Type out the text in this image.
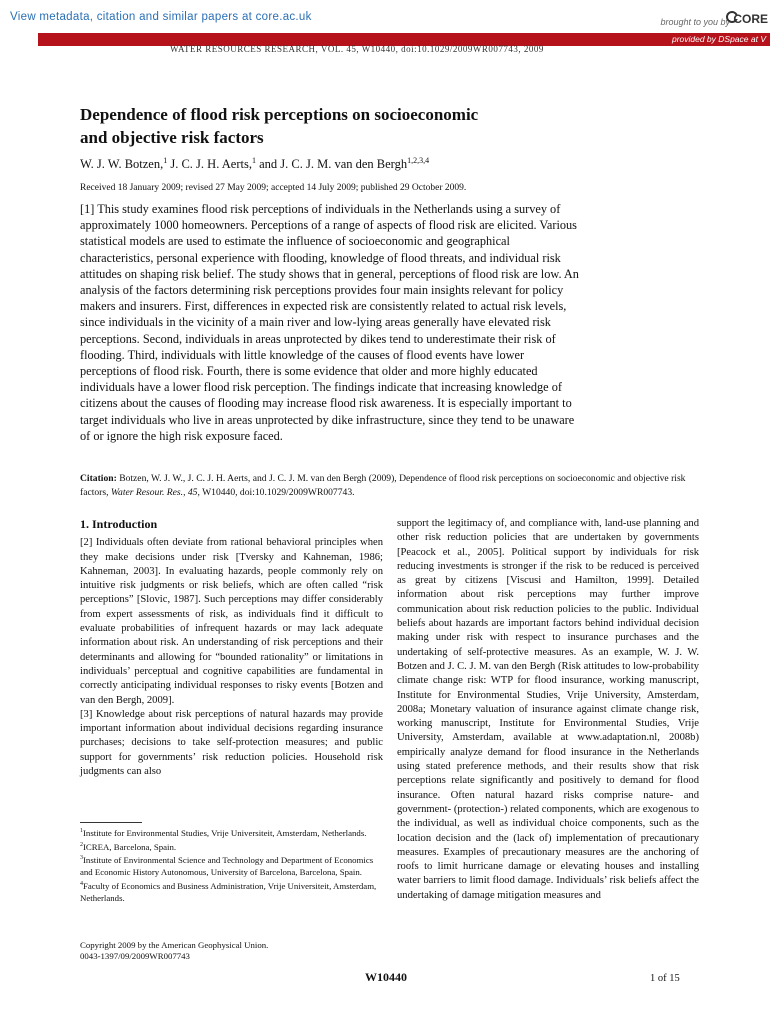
View metadata, citation and similar papers at core.ac.uk	brought to you by CORE
provided by DSpace at V
WATER RESOURCES RESEARCH, VOL. 45, W10440, doi:10.1029/2009WR007743, 2009
Dependence of flood risk perceptions on socioeconomic
and objective risk factors
W. J. W. Botzen,$^1$ J. C. J. H. Aerts,$^1$ and J. C. J. M. van den Bergh$^{1,2,3,4}$
Received 18 January 2009; revised 27 May 2009; accepted 14 July 2009; published 29 October 2009.
[1] This study examines flood risk perceptions of individuals in the Netherlands using a survey of approximately 1000 homeowners. Perceptions of a range of aspects of flood risk are elicited. Various statistical models are used to estimate the influence of socioeconomic and geographical characteristics, personal experience with flooding, knowledge of flood threats, and individual risk attitudes on shaping risk belief. The study shows that in general, perceptions of flood risk are low. An analysis of the factors determining risk perceptions provides four main insights relevant for policy makers and insurers. First, differences in expected risk are consistently related to actual risk levels, since individuals in the vicinity of a main river and low-lying areas generally have elevated risk perceptions. Second, individuals in areas unprotected by dikes tend to underestimate their risk of flooding. Third, individuals with little knowledge of the causes of flood events have lower perceptions of flood risk. Fourth, there is some evidence that older and more highly educated individuals have a lower flood risk perception. The findings indicate that increasing knowledge of citizens about the causes of flooding may increase flood risk awareness. It is especially important to target individuals who live in areas unprotected by dike infrastructure, since they tend to be unaware of or ignore the high risk exposure faced.
Citation: Botzen, W. J. W., J. C. J. H. Aerts, and J. C. J. M. van den Bergh (2009), Dependence of flood risk perceptions on socioeconomic and objective risk factors, Water Resour. Res., 45, W10440, doi:10.1029/2009WR007743.
1. Introduction

[2] Individuals often deviate from rational behavioral principles when they make decisions under risk [Tversky and Kahneman, 1986; Kahneman, 2003]. In evaluating hazards, people commonly rely on intuitive risk judgments or risk beliefs, which are often called “risk perceptions” [Slovic, 1987]. Such perceptions may differ considerably from expert assessments of risk, as individuals find it difficult to evaluate probabilities of infrequent hazards or may lack adequate information about risk. An understanding of risk perceptions and their determinants and allowing for “bounded rationality” or limitations in individuals’ perceptual and cognitive capabilities are fundamental in correctly anticipating individual responses to risky events [Botzen and van den Bergh, 2009].

[3] Knowledge about risk perceptions of natural hazards may provide important information about individual decisions regarding insurance purchases; decisions to take self-protection measures; and public support for governments’ risk reduction policies. Household risk judgments can also

support the legitimacy of, and compliance with, land-use planning and other risk reduction policies that are undertaken by governments [Peacock et al., 2005]. Political support by individuals for risk reducing investments is stronger if the risk to be reduced is perceived as great by citizens [Viscusi and Hamilton, 1999]. Detailed information about risk perceptions may further improve communication about risk reduction policies to the public. Individual beliefs about hazards are important factors behind individual decision making under risk with respect to insurance purchases and the undertaking of self-protective measures. As an example, W. J. W. Botzen and J. C. J. M. van den Bergh (Risk attitudes to low-probability climate change risk: WTP for flood insurance, working manuscript, Institute for Environmental Studies, Vrije University, Amsterdam, 2008a; Monetary valuation of insurance against climate change risk, working manuscript, Institute for Environmental Studies, Vrije University, Amsterdam, available at www.adaptation.nl, 2008b) empirically analyze demand for flood insurance in the Netherlands using stated preference methods, and their results show that risk perceptions relate significantly and positively to demand for flood insurance. Often natural hazard risks comprise nature- and government- (protection-) related components, which are exogenous to the individual, as well as individual choice components, such as the location decision and the (lack of) implementation of precautionary measures. Examples of precautionary measures are the anchoring of roofs to limit hurricane damage or elevating houses and installing water barriers to limit flood damage. Individuals’ risk beliefs affect the undertaking of damage mitigation measures and

$^1$Institute for Environmental Studies, Vrije Universiteit, Amsterdam, Netherlands.

$^2$ICREA, Barcelona, Spain.

$^3$Institute of Environmental Science and Technology and Department of Economics and Economic History Autonomous, University of Barcelona, Barcelona, Spain.

$^4$Faculty of Economics and Business Administration, Vrije Universiteit, Amsterdam, Netherlands.

Copyright 2009 by the American Geophysical Union.
0043-1397/09/2009WR007743
W10440	1 of 15
